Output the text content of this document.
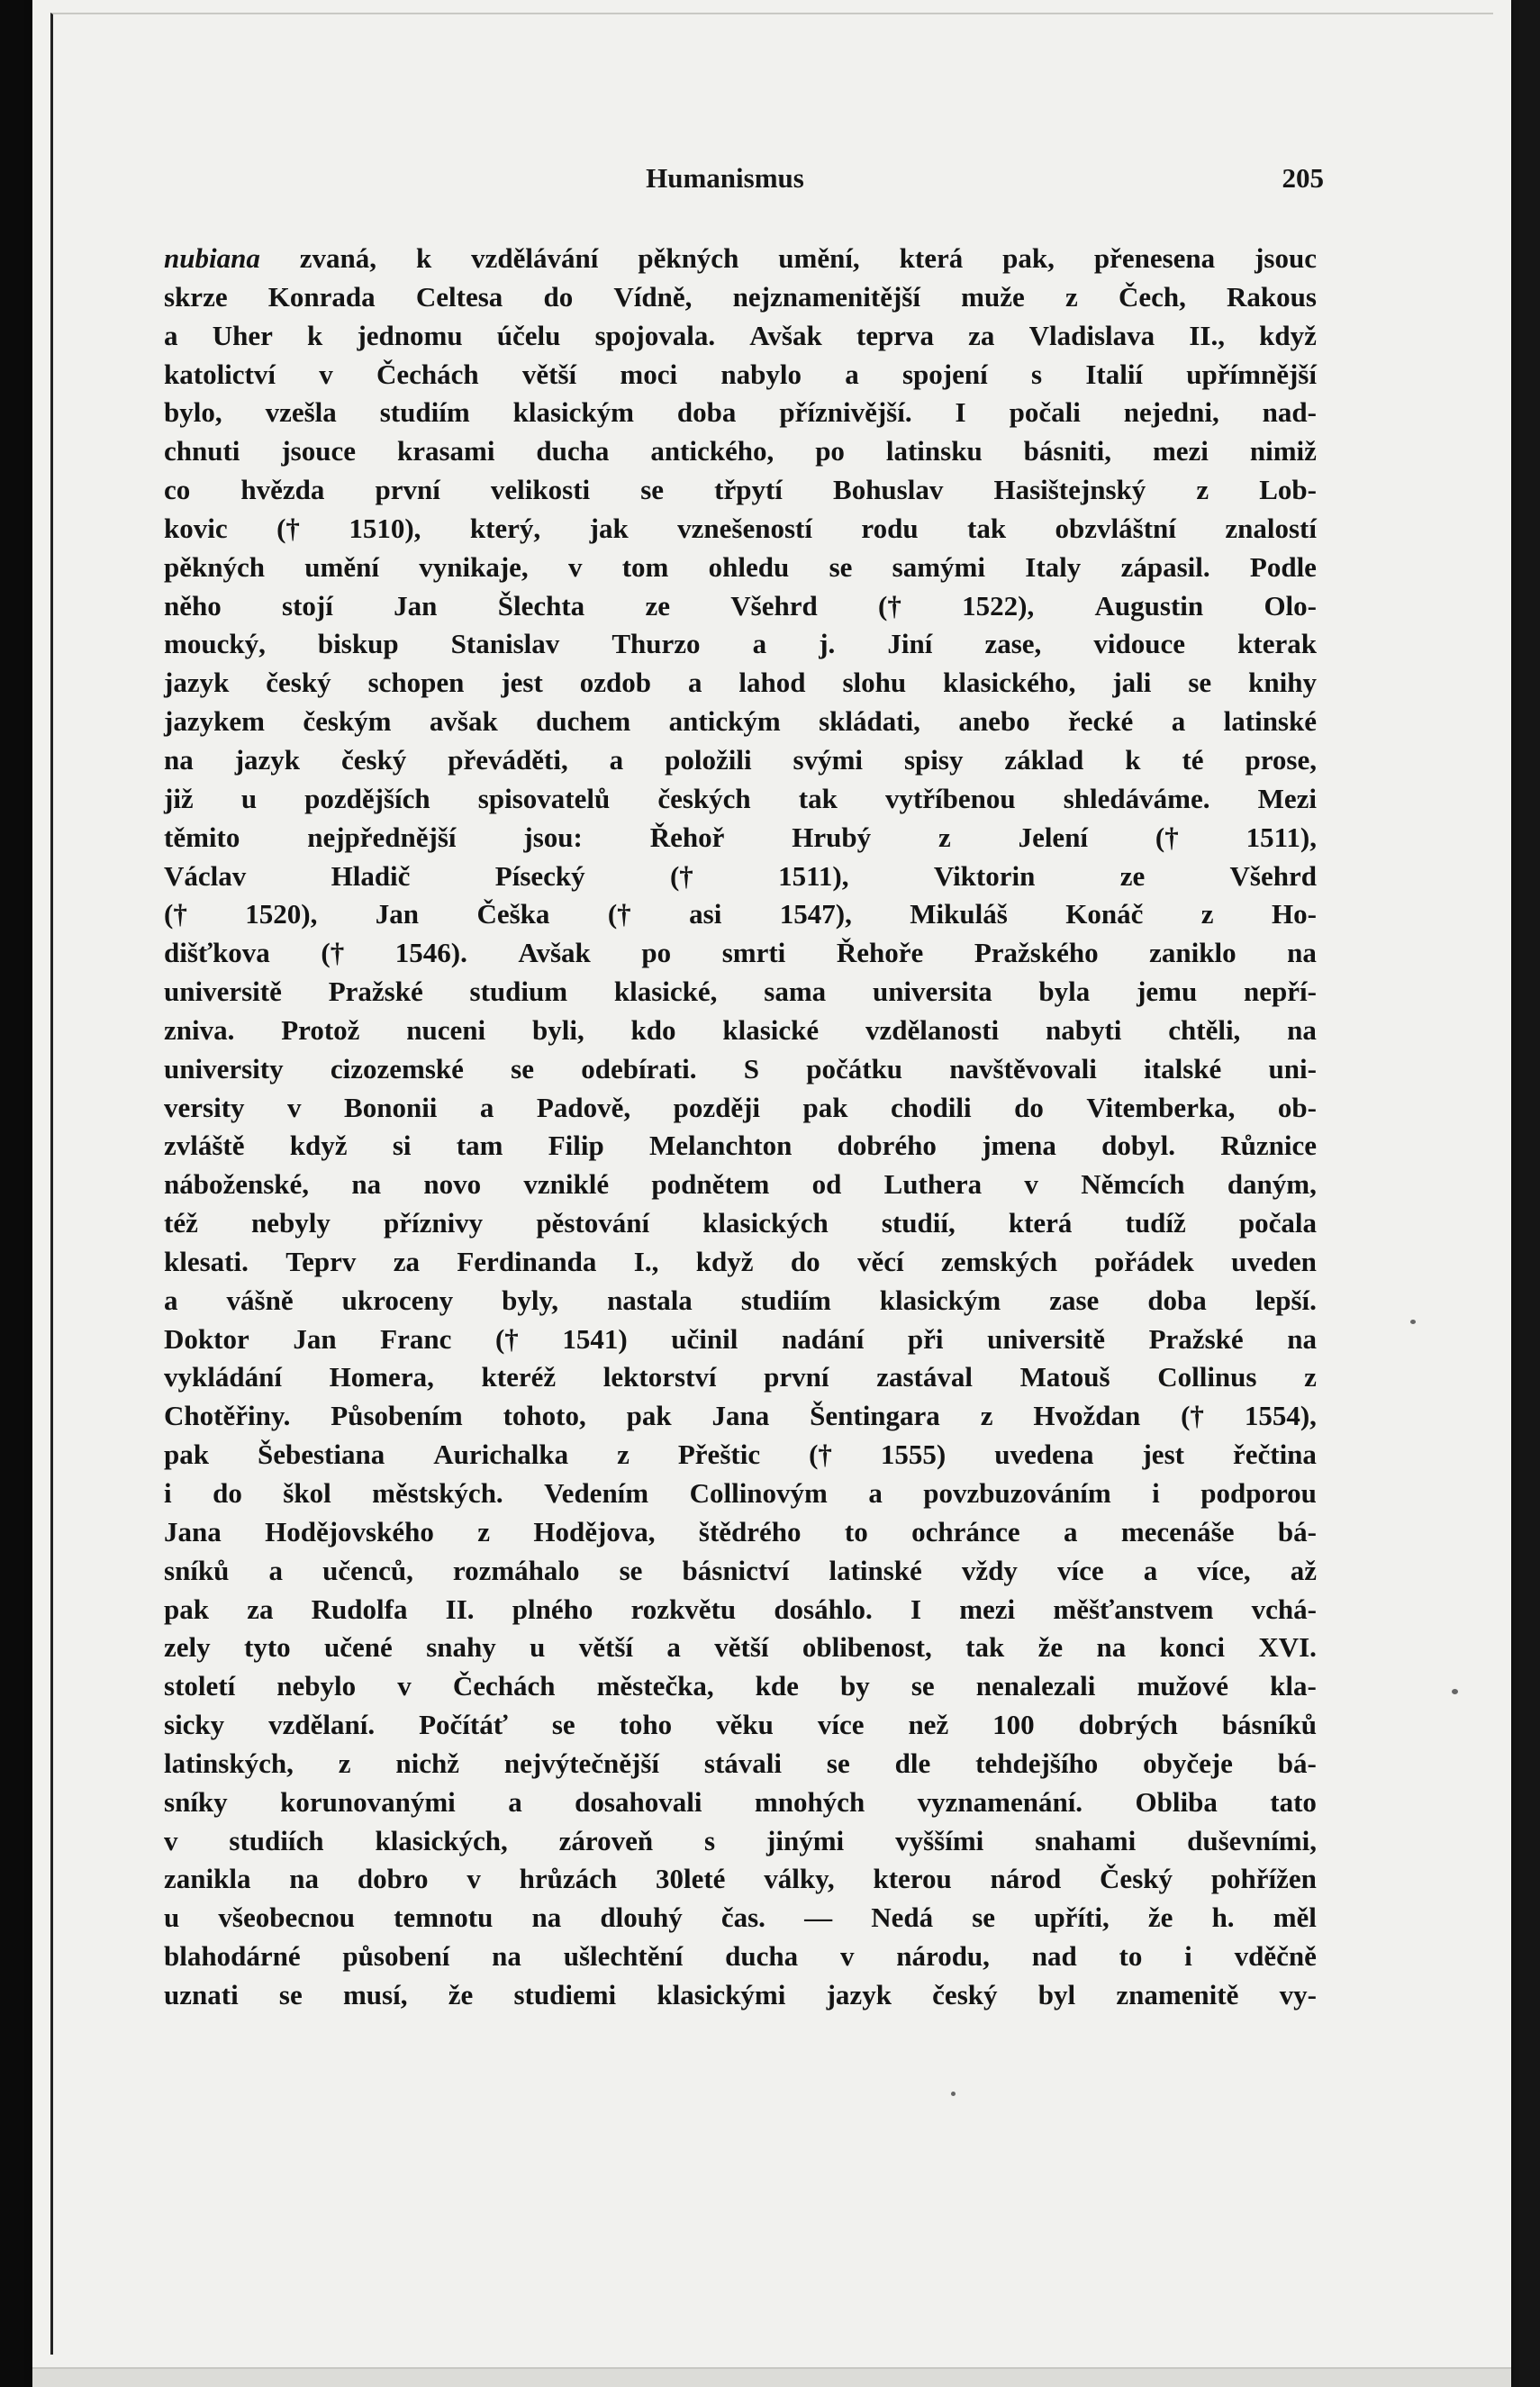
Humanismus	205
nubiana zvaná, k vzdělávání pěkných umění, která pak, přenesena jsouc
skrze Konrada Celtesa do Vídně, nejznamenitější muže z Čech, Rakous
a Uher k jednomu účelu spojovala. Avšak teprva za Vladislava II., když
katolictví v Čechách větší moci nabylo a spojení s Italií upřímnější
bylo, vzešla studiím klasickým doba příznivější. I počali nejedni, nad-
chnuti jsouce krasami ducha antického, po latinsku básniti, mezi nimiž
co hvězda první velikosti se třpytí Bohuslav Hasištejnský z Lob-
kovic († 1510), který, jak vznešeností rodu tak obzvláštní znalostí
pěkných umění vynikaje, v tom ohledu se samými Italy zápasil. Podle
něho stojí Jan Šlechta ze Všehrd († 1522), Augustin Olo-
moucký, biskup Stanislav Thurzo a j. Jiní zase, vidouce kterak
jazyk český schopen jest ozdob a lahod slohu klasického, jali se knihy
jazykem českým avšak duchem antickým skládati, anebo řecké a latinské
na jazyk český převáděti, a položili svými spisy základ k té prose,
již u pozdějších spisovatelů českých tak vytříbenou shledáváme. Mezi
těmito nejpřednější jsou: Řehoř Hrubý z Jelení († 1511),
Václav	Hladič	Písecký	(†	1511),	Viktorin	ze	Všehrd
(† 1520), Jan Češka († asi 1547), Mikuláš Konáč z Ho-
dišťkova († 1546). Avšak po smrti Řehoře Pražského zaniklo na
universitě Pražské studium klasické, sama universita byla jemu nepří-
zniva. Protož nuceni byli, kdo klasické vzdělanosti nabyti chtěli, na
university cizozemské se odebírati. S počátku navštěvovali italské uni-
versity v Bononii a Padově, později pak chodili do Vitemberka, ob-
zvláště když si tam Filip Melanchton dobrého jmena dobyl. Různice
náboženské, na novo vzniklé podnětem od Luthera v Němcích daným,
též nebyly příznivy pěstování klasických studií, která tudíž počala
klesati. Teprv za Ferdinanda I., když do věcí zemských pořádek uveden
a vášně ukroceny byly, nastala studiím klasickým zase doba lepší.
Doktor Jan Franc († 1541) učinil nadání při universitě Pražské na
vykládání Homera, kteréž lektorství první zastával Matouš Collinus z
Chotěřiny. Působením tohoto, pak Jana Šentingara z Hvoždan († 1554),
pak Šebestiana Aurichalka z Přeštic († 1555) uvedena jest řečtina
i do škol městských. Vedením Collinovým a povzbuzováním i podporou
Jana Hodějovského z Hodějova, štědrého to ochránce a mecenáše bá-
sníků a učenců, rozmáhalo se básnictví latinské vždy více a více, až
pak za Rudolfa II. plného rozkvětu dosáhlo. I mezi měšťanstvem vchá-
zely tyto učené snahy u větší a větší oblibenost, tak že na konci XVI.
století nebylo v Čechách městečka, kde by se nenalezali mužové kla-
sicky vzdělaní. Počítáť se toho věku více než 100 dobrých básníků
latinských, z nichž nejvýtečnější stávali se dle tehdejšího obyčeje bá-
sníky korunovanými a dosahovali mnohých vyznamenání. Obliba tato
v studiích klasických, zároveň s jinými vyššími snahami duševními,
zanikla na dobro v hrůzách 30leté války, kterou národ Český pohřížen
u všeobecnou temnotu na dlouhý čas. — Nedá se upříti, že h. měl
blahodárné působení na ušlechtění ducha v národu, nad to i vděčně
uznati se musí, že studiemi klasickými jazyk český byl znamenitě vy-
